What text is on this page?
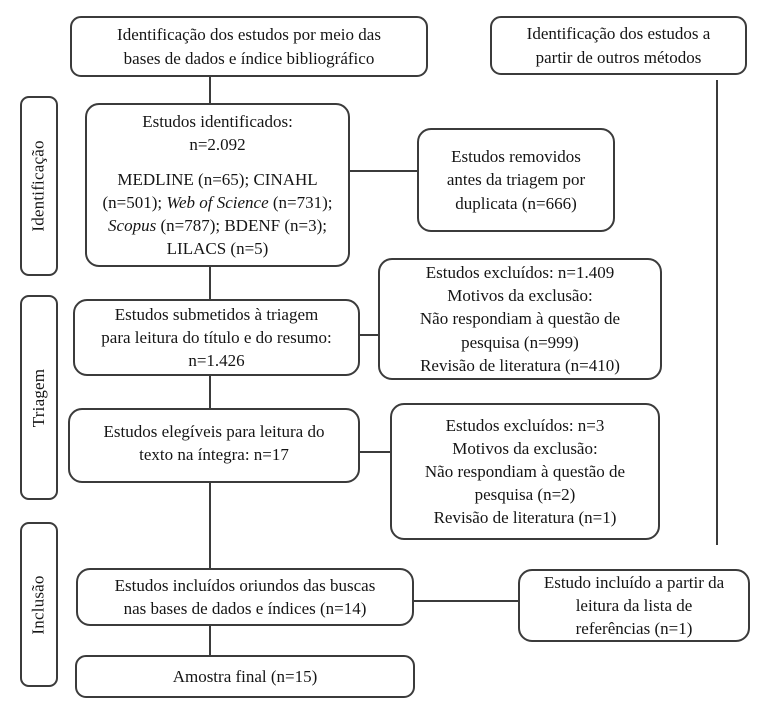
Identificação
Triagem
Inclusão
Identificação dos estudos por meio das
bases de dados e índice bibliográfico
Identificação dos estudos a
partir de outros métodos
Estudos identificados:
n=2.092
MEDLINE (n=65); CINAHL (n=501); Web of Science (n=731); Scopus (n=787); BDENF (n=3); LILACS (n=5)
Estudos removidos
antes da triagem por
duplicata (n=666)
Estudos submetidos à triagem
para leitura do título e do resumo:
n=1.426
Estudos excluídos: n=1.409
Motivos da exclusão:
Não respondiam à questão de
pesquisa (n=999)
Revisão de literatura (n=410)
Estudos elegíveis para leitura do
texto na íntegra: n=17
Estudos excluídos: n=3
Motivos da exclusão:
Não respondiam à questão de
pesquisa (n=2)
Revisão de literatura (n=1)
Estudos incluídos oriundos das buscas
nas bases de dados e índices (n=14)
Estudo incluído a partir da
leitura da lista de
referências (n=1)
Amostra final (n=15)
